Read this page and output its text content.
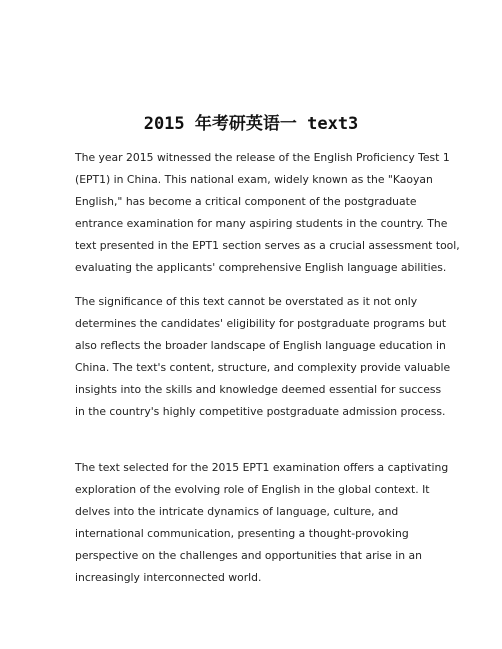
2015 年考研英语一 text3

The year 2015 witnessed the release of the English Proficiency Test 1
(EPT1) in China. This national exam, widely known as the "Kaoyan
English," has become a critical component of the postgraduate
entrance examination for many aspiring students in the country. The
text presented in the EPT1 section serves as a crucial assessment tool,
evaluating the applicants' comprehensive English language abilities.

The significance of this text cannot be overstated as it not only
determines the candidates' eligibility for postgraduate programs but
also reflects the broader landscape of English language education in
China. The text's content, structure, and complexity provide valuable
insights into the skills and knowledge deemed essential for success
in the country's highly competitive postgraduate admission process.

The text selected for the 2015 EPT1 examination offers a captivating
exploration of the evolving role of English in the global context. It
delves into the intricate dynamics of language, culture, and
international communication, presenting a thought-provoking
perspective on the challenges and opportunities that arise in an
increasingly interconnected world.
